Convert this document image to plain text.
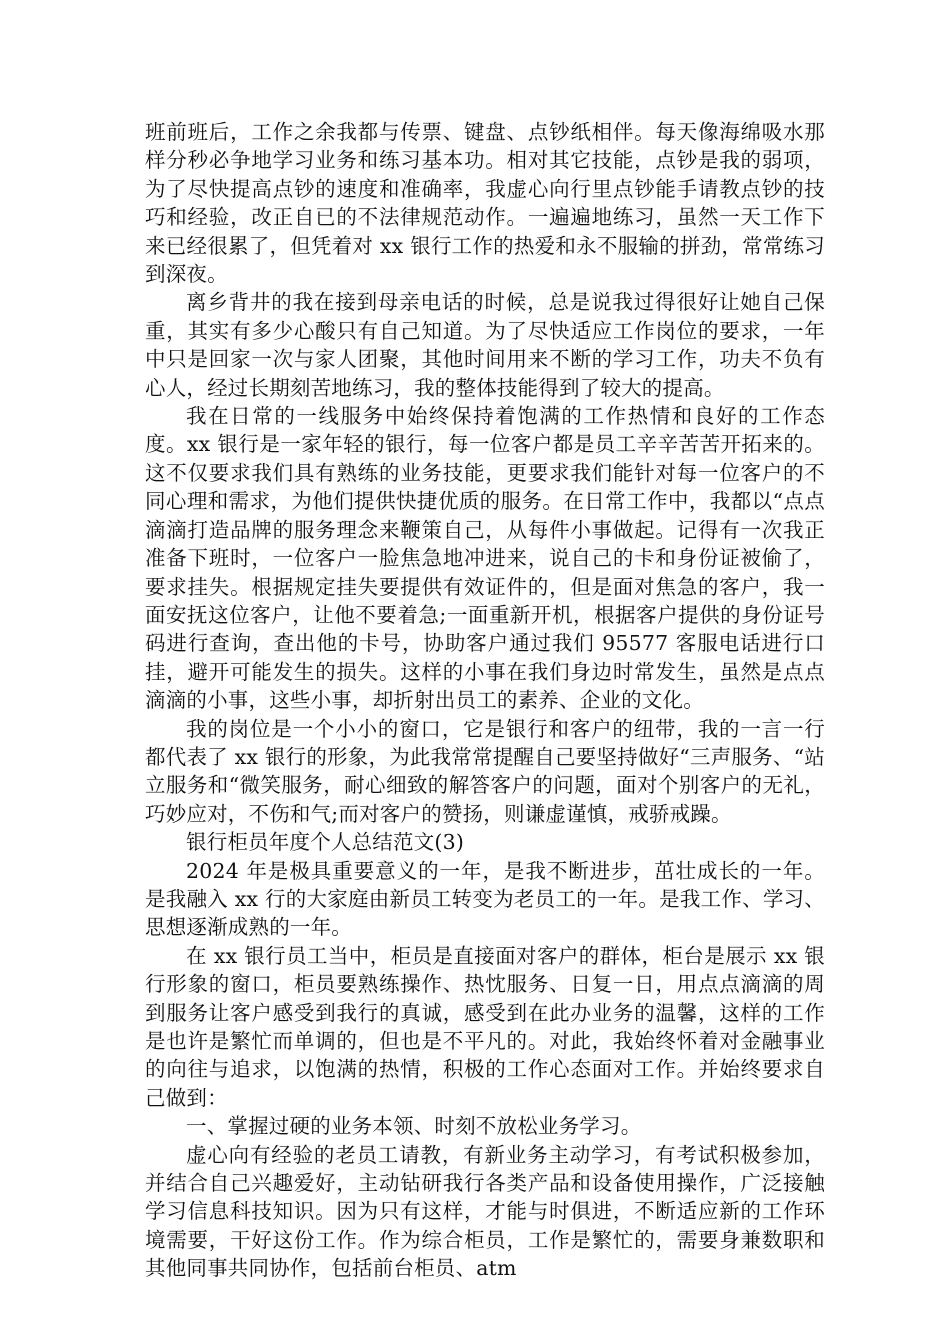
班前班后，工作之余我都与传票、键盘、点钞纸相伴。每天像海绵吸水那样分秒必争地学习业务和练习基本功。相对其它技能，点钞是我的弱项，为了尽快提高点钞的速度和准确率，我虚心向行里点钞能手请教点钞的技巧和经验，改正自已的不法律规范动作。一遍遍地练习，虽然一天工作下来已经很累了，但凭着对 xx 银行工作的热爱和永不服输的拼劲，常常练习到深夜。

离乡背井的我在接到母亲电话的时候，总是说我过得很好让她自己保重，其实有多少心酸只有自己知道。为了尽快适应工作岗位的要求，一年中只是回家一次与家人团聚，其他时间用来不断的学习工作，功夫不负有心人，经过长期刻苦地练习，我的整体技能得到了较大的提高。

我在日常的一线服务中始终保持着饱满的工作热情和良好的工作态度。xx 银行是一家年轻的银行，每一位客户都是员工辛辛苦苦开拓来的。这不仅要求我们具有熟练的业务技能，更要求我们能针对每一位客户的不同心理和需求，为他们提供快捷优质的服务。在日常工作中，我都以“点点滴滴打造品牌的服务理念来鞭策自己，从每件小事做起。记得有一次我正准备下班时，一位客户一脸焦急地冲进来，说自己的卡和身份证被偷了，要求挂失。根据规定挂失要提供有效证件的，但是面对焦急的客户，我一面安抚这位客户，让他不要着急;一面重新开机，根据客户提供的身份证号码进行查询，查出他的卡号，协助客户通过我们 95577 客服电话进行口挂，避开可能发生的损失。这样的小事在我们身边时常发生，虽然是点点滴滴的小事，这些小事，却折射出员工的素养、企业的文化。

我的岗位是一个小小的窗口，它是银行和客户的纽带，我的一言一行都代表了 xx 银行的形象，为此我常常提醒自己要坚持做好“三声服务、“站立服务和“微笑服务，耐心细致的解答客户的问题，面对个别客户的无礼，巧妙应对，不伤和气;而对客户的赞扬，则谦虚谨慎，戒骄戒躁。

银行柜员年度个人总结范文(3)

2024 年是极具重要意义的一年，是我不断进步，茁壮成长的一年。是我融入 xx 行的大家庭由新员工转变为老员工的一年。是我工作、学习、思想逐渐成熟的一年。

在 xx 银行员工当中，柜员是直接面对客户的群体，柜台是展示 xx 银行形象的窗口，柜员要熟练操作、热忱服务、日复一日，用点点滴滴的周到服务让客户感受到我行的真诚，感受到在此办业务的温馨，这样的工作是也许是繁忙而单调的，但也是不平凡的。对此，我始终怀着对金融事业的向往与追求，以饱满的热情，积极的工作心态面对工作。并始终要求自己做到：

一、掌握过硬的业务本领、时刻不放松业务学习。

虚心向有经验的老员工请教，有新业务主动学习，有考试积极参加，并结合自己兴趣爱好，主动钻研我行各类产品和设备使用操作，广泛接触学习信息科技知识。因为只有这样，才能与时俱进，不断适应新的工作环境需要，干好这份工作。作为综合柜员，工作是繁忙的，需要身兼数职和其他同事共同协作，包括前台柜员、atm
